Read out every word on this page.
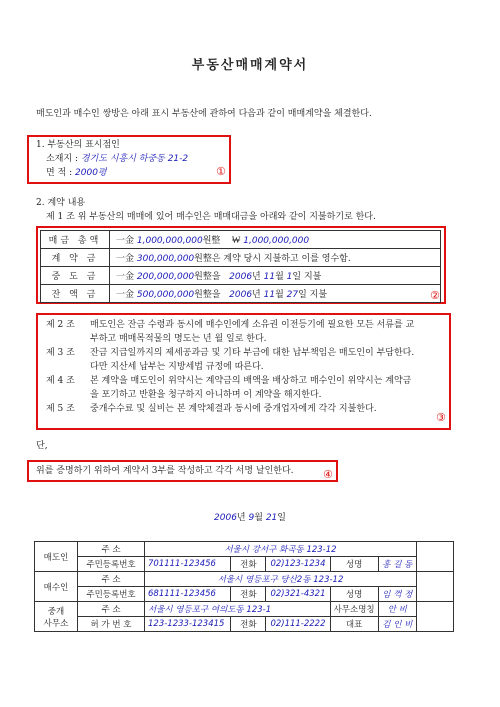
부동산매매계약서
매도인과 매수인 쌍방은 아래 표시 부동산에 관하여 다음과 같이 매매계약을 체결한다.
1. 부동산의 표시점인
소재지 : 경기도 시흥시 하중동 21-2
면 적 : 2000평	①
2. 계약 내용
제 1 조 위 부동산의 매매에 있어 매수인은 매매대금을 아래와 같이 지불하기로 한다.
매금 총액	一金 1,000,000,000원整 ₩ 1,000,000,000
계 약 금	一金 300,000,000원整은 계약 당시 지불하고 이를 영수함.
중 도 금	一金 200,000,000원整을 2006년 11월 1일 지불
잔 액 금	一金 500,000,000원整을 2006년 11월 27일 지불	②
제 2 조	매도인은 잔금 수령과 동시에 매수인에게 소유권 이전등기에 필요한 모든 서류를 교
부하고 매매목적물의 명도는 년 월 일로 한다.
제 3 조	잔금 지급일까지의 제세공과금 및 기타 부금에 대한 납부책임은 매도인이 부담한다.
다만 지산세 납부는 지방세법 규정에 따른다.
제 4 조	본 계약을 매도인이 위약시는 계약금의 배액을 배상하고 매수인이 위약시는 계약금
을 포기하고 반환을 청구하지 아니하며 이 계약을 해지한다.
제 5 조	중개수수료 및 실비는 본 계약체결과 동시에 중개업자에게 각각 지불한다.
③
단,
위를 증명하기 위하여 계약서 3부를 작성하고 각각 서명 날인한다.	④
2006년 9월 21일
매도인	주 소	서울시 강서구 화곡동 123-12					
	주민등록번호	701111-123456	전화	02)123-1234	성명	홍 길 동	
매수인	주 소	서울시 영등포구 당산2동 123-12					
	주민등록번호	681111-123456	전화	02)321-4321	성명	임 꺽 정	
중개
사무소	주 소	서울시 영등포구 여의도동 123-1			사무소명칭	안 비	
	허 가 번 호	123-1233-123415	전화	02)111-2222	대표	김 인 비	
